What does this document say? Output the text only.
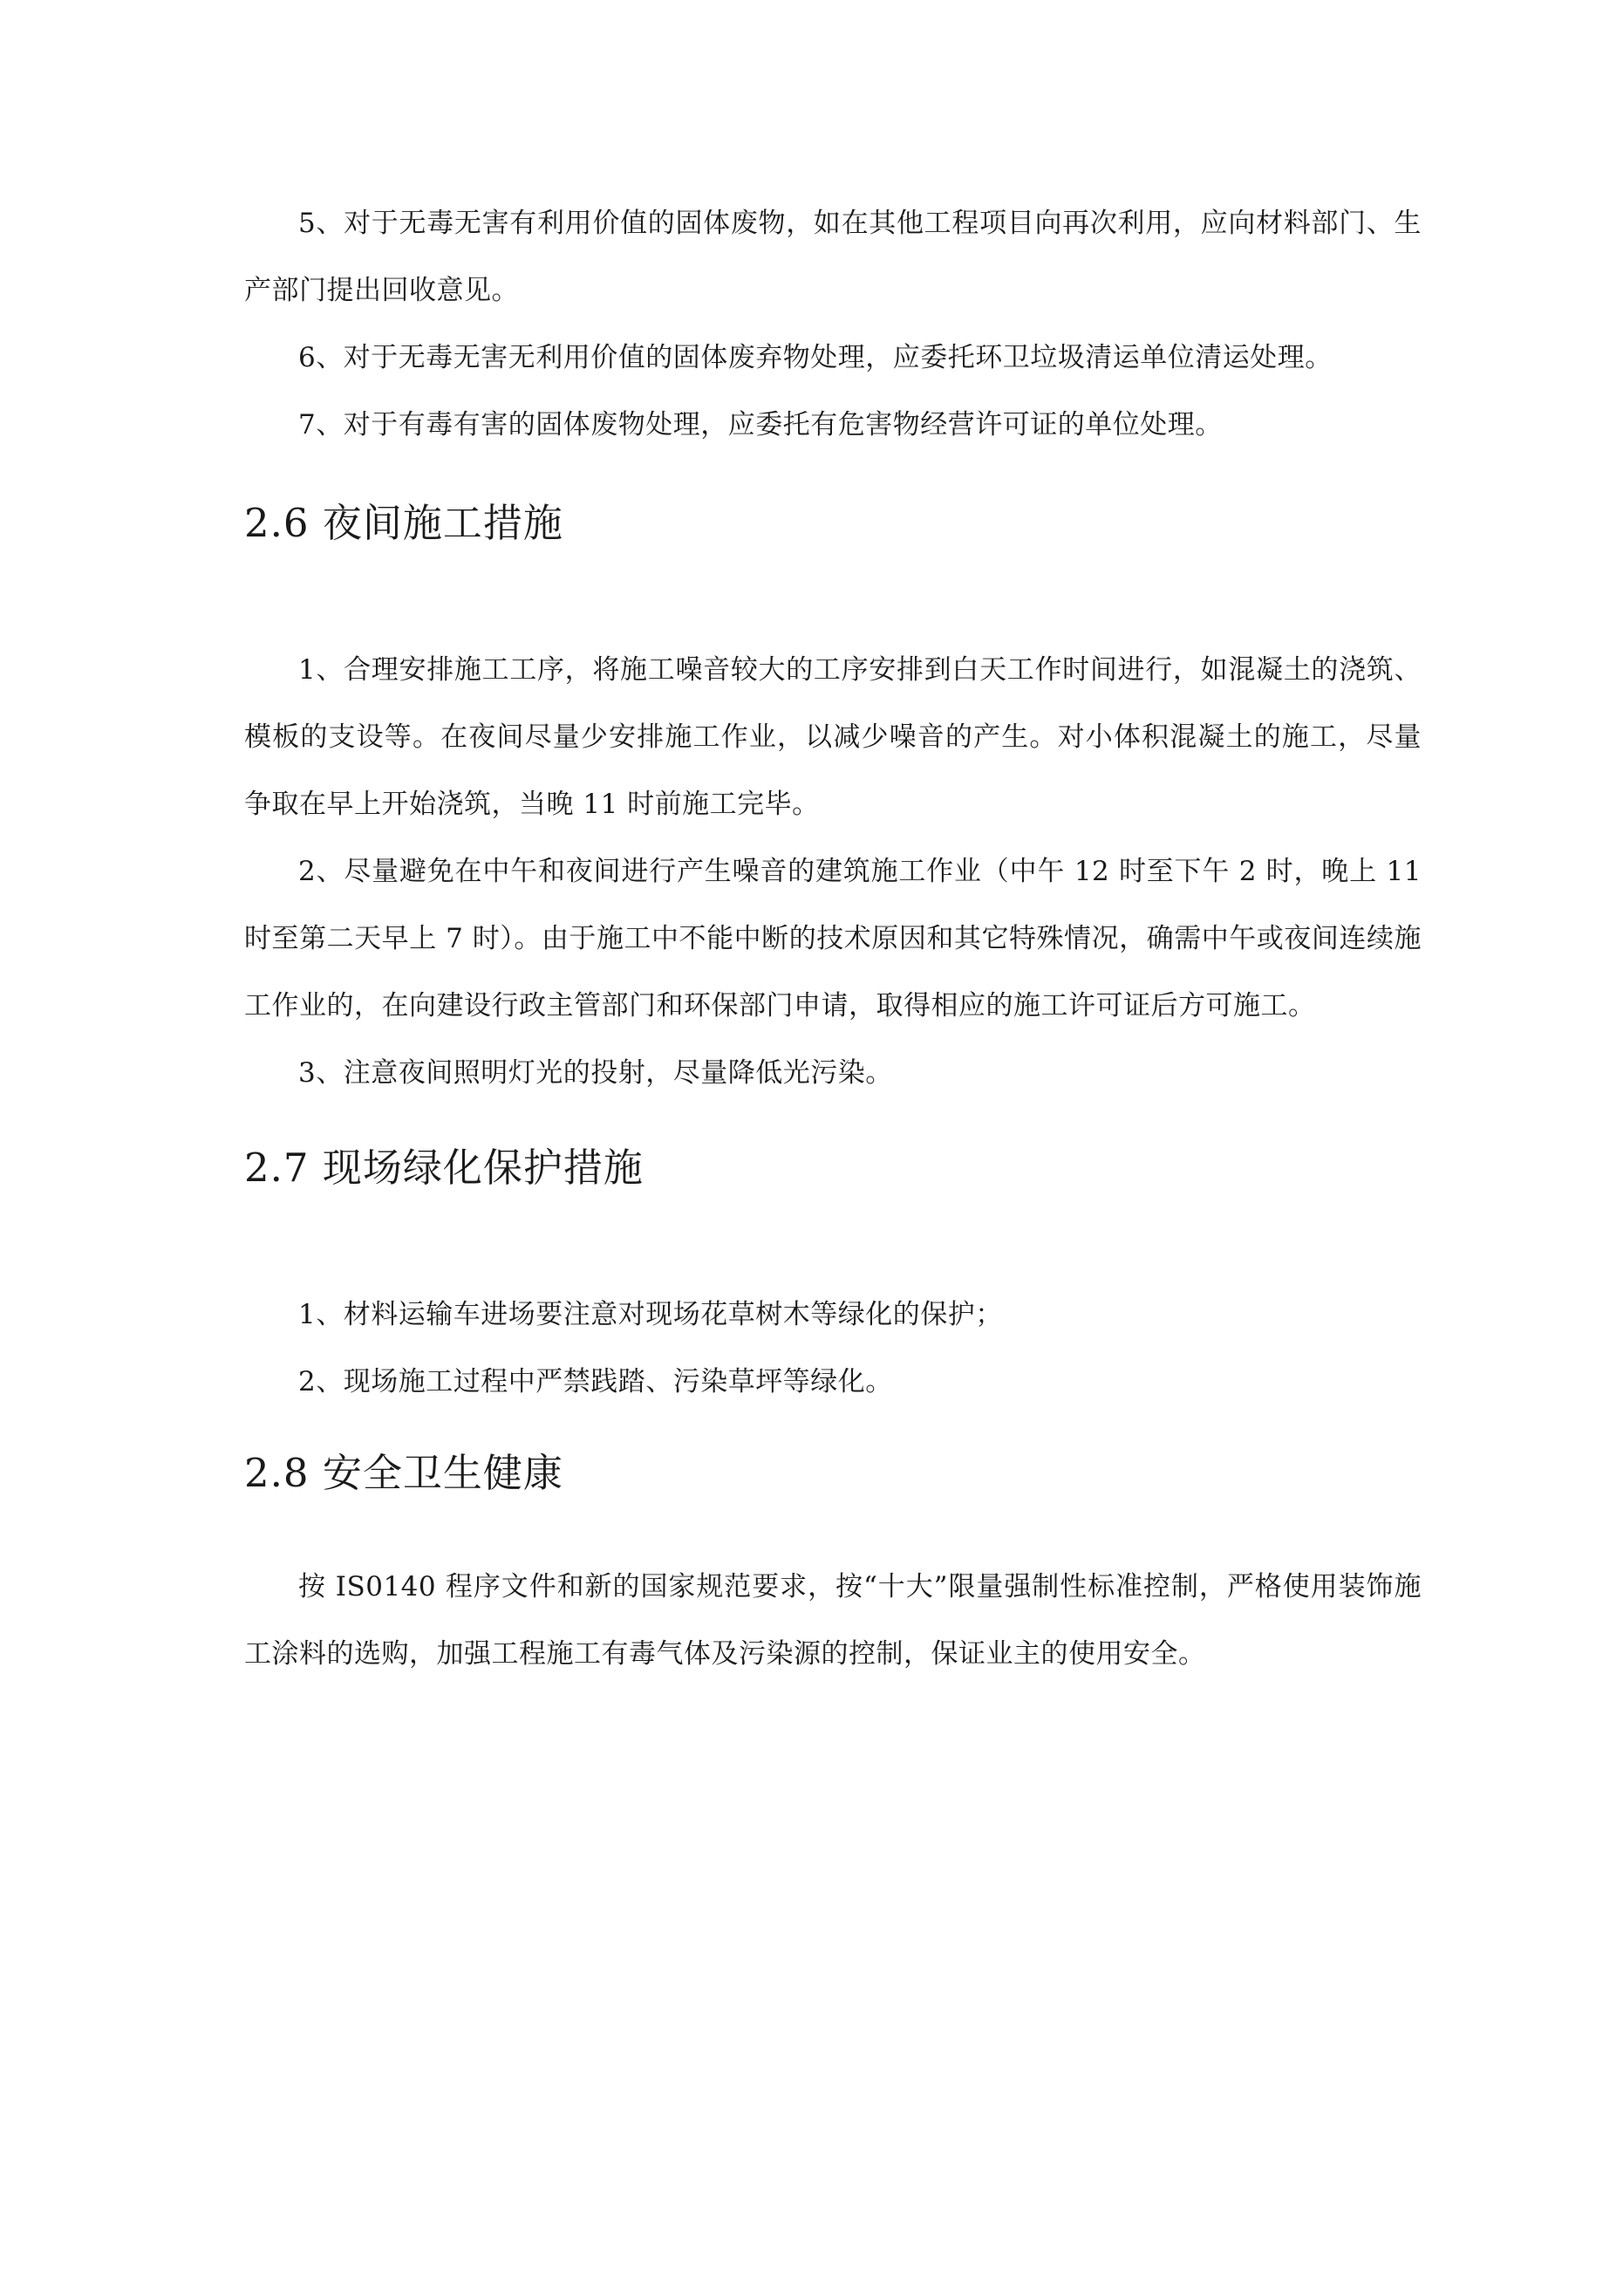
5、对于无毒无害有利用价值的固体废物，如在其他工程项目向再次利用，应向材料部门、生产部门提出回收意见。

6、对于无毒无害无利用价值的固体废弃物处理，应委托环卫垃圾清运单位清运处理。

7、对于有毒有害的固体废物处理，应委托有危害物经营许可证的单位处理。

2.6 夜间施工措施

1、合理安排施工工序，将施工噪音较大的工序安排到白天工作时间进行，如混凝土的浇筑、模板的支设等。在夜间尽量少安排施工作业，以减少噪音的产生。对小体积混凝土的施工，尽量争取在早上开始浇筑，当晚 11 时前施工完毕。

2、尽量避免在中午和夜间进行产生噪音的建筑施工作业（中午 12 时至下午 2 时，晚上 11 时至第二天早上 7 时）。由于施工中不能中断的技术原因和其它特殊情况，确需中午或夜间连续施工作业的，在向建设行政主管部门和环保部门申请，取得相应的施工许可证后方可施工。

3、注意夜间照明灯光的投射，尽量降低光污染。

2.7 现场绿化保护措施

1、材料运输车进场要注意对现场花草树木等绿化的保护；

2、现场施工过程中严禁践踏、污染草坪等绿化。

2.8 安全卫生健康

按 IS0140 程序文件和新的国家规范要求，按“十大”限量强制性标准控制，严格使用装饰施工涂料的选购，加强工程施工有毒气体及污染源的控制，保证业主的使用安全。
